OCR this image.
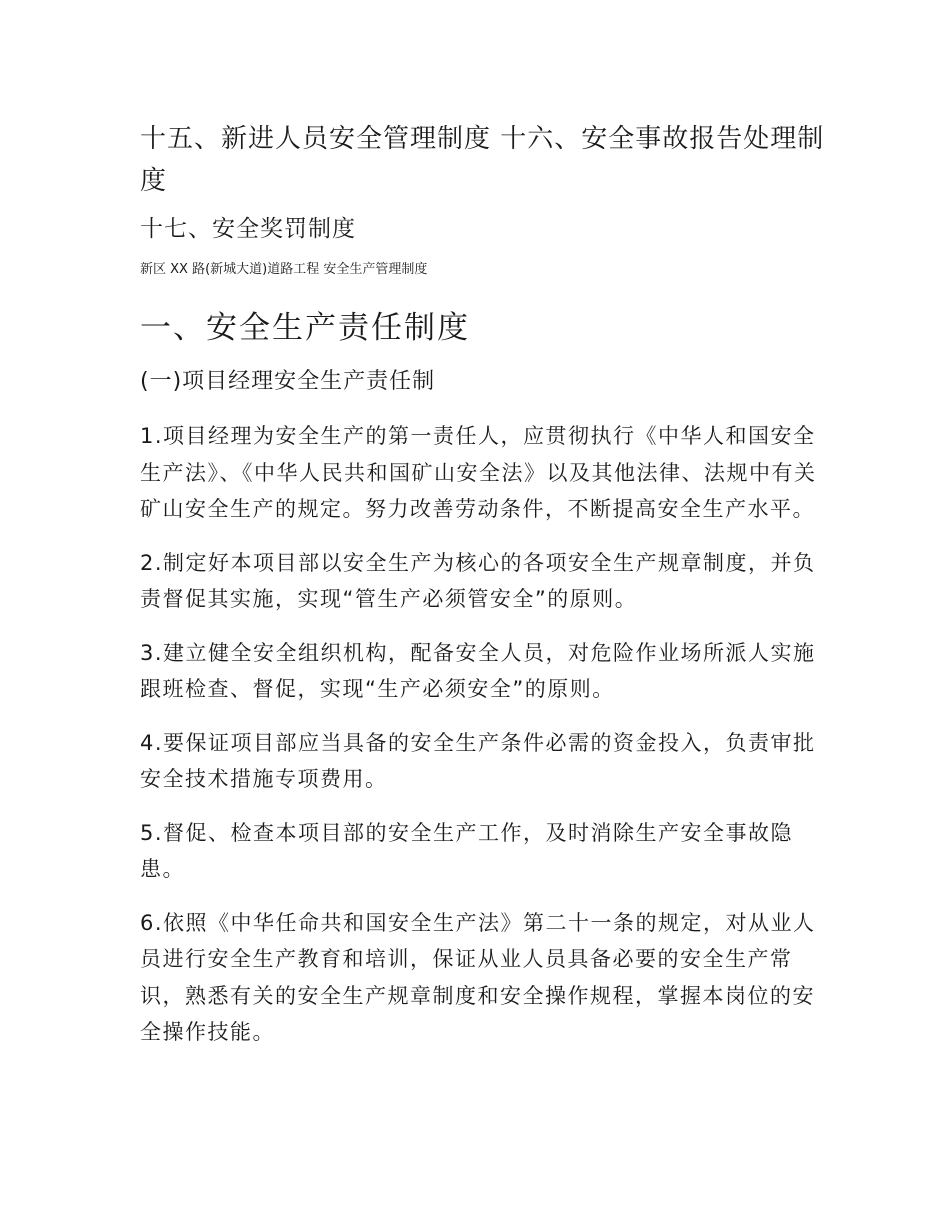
十五、新进人员安全管理制度 十六、安全事故报告处理制度

十七、安全奖罚制度

新区 XX 路(新城大道)道路工程 安全生产管理制度

一、安全生产责任制度

(一)项目经理安全生产责任制

1.项目经理为安全生产的第一责任人，应贯彻执行《中华人和国安全生产法》、《中华人民共和国矿山安全法》以及其他法律、法规中有关矿山安全生产的规定。努力改善劳动条件，不断提高安全生产水平。

2.制定好本项目部以安全生产为核心的各项安全生产规章制度，并负责督促其实施，实现“管生产必须管安全”的原则。

3.建立健全安全组织机构，配备安全人员，对危险作业场所派人实施跟班检查、督促，实现“生产必须安全”的原则。

4.要保证项目部应当具备的安全生产条件必需的资金投入，负责审批安全技术措施专项费用。

5.督促、检查本项目部的安全生产工作，及时消除生产安全事故隐患。

6.依照《中华任命共和国安全生产法》第二十一条的规定，对从业人员进行安全生产教育和培训，保证从业人员具备必要的安全生产常识，熟悉有关的安全生产规章制度和安全操作规程，掌握本岗位的安全操作技能。
